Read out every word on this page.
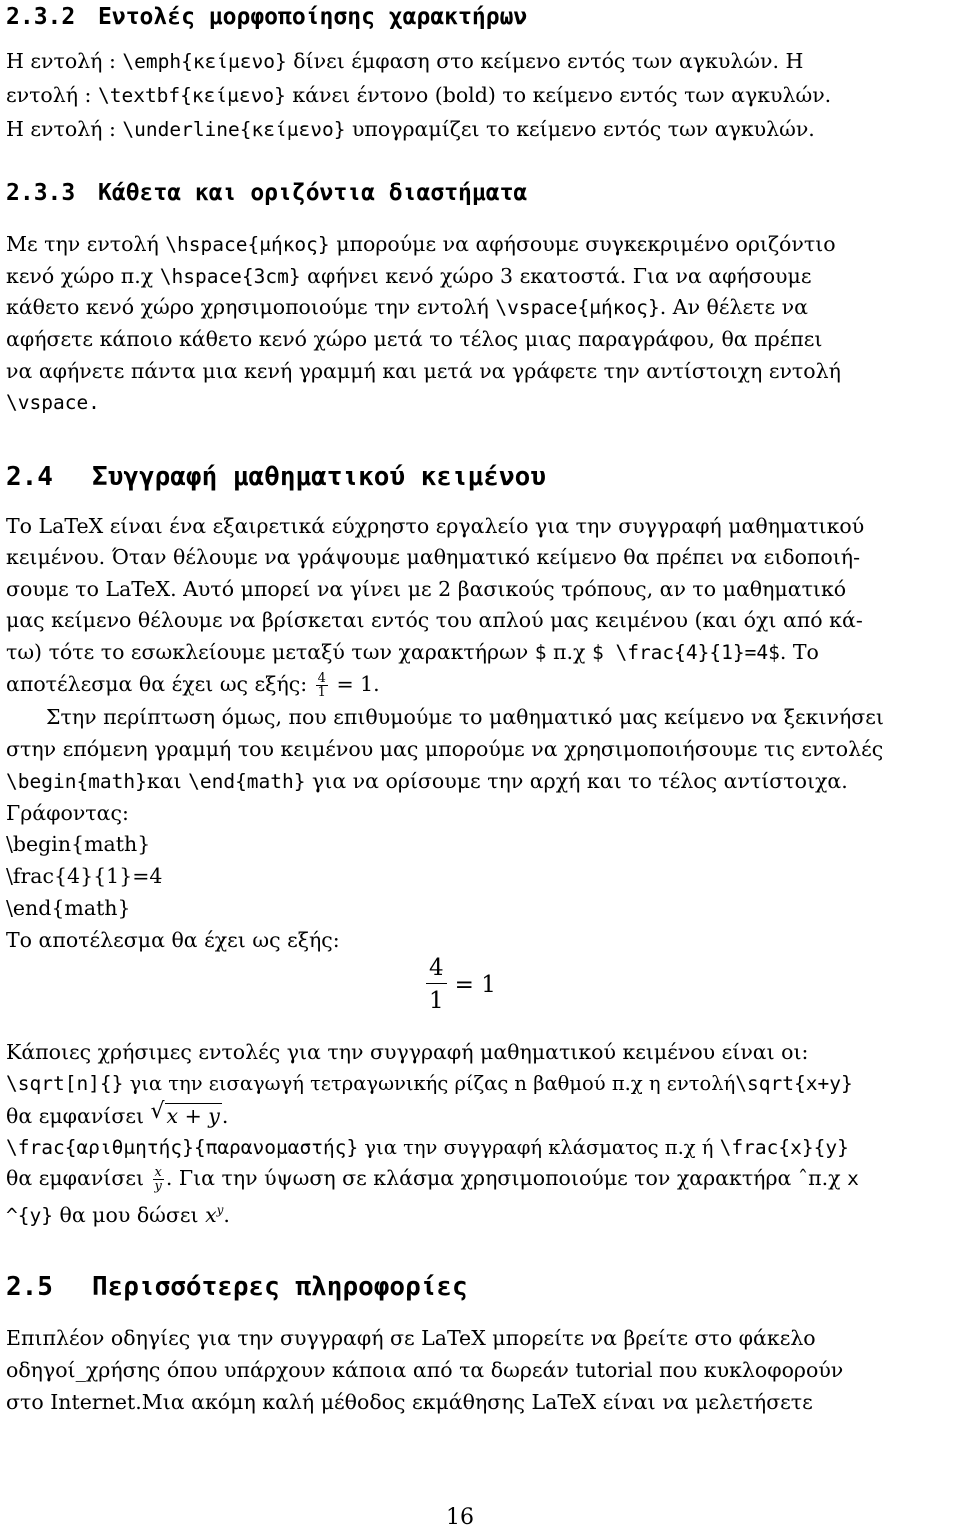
2.3.2 Εντολές μορφοποίησης χαρακτήρων
Η εντολή : \emph{κείμενο} δίνει έμφαση στο κείμενο εντός των αγκυλών. Η
εντολή : \textbf{κείμενο} κάνει έντονο (bold) το κείμενο εντός των αγκυλών.
Η εντολή : \underline{κείμενο} υπογραμίζει το κείμενο εντός των αγκυλών.
2.3.3 Κάθετα και οριζόντια διαστήματα
Με την εντολή \hspace{μήκος} μπορούμε να αφήσουμε συγκεκριμένο οριζόντιο
κενό χώρο π.χ \hspace{3cm} αφήνει κενό χώρο 3 εκατοστά. Για να αφήσουμε
κάθετο κενό χώρο χρησιμοποιούμε την εντολή \vspace{μήκος}. Αν θέλετε να
αφήσετε κάποιο κάθετο κενό χώρο μετά το τέλος μιας παραγράφου, θα πρέπει
να αφήνετε πάντα μια κενή γραμμή και μετά να γράφετε την αντίστοιχη εντολή
\vspace.
2.4 Συγγραφή μαθηματικού κειμένου
Το LaTeX είναι ένα εξαιρετικά εύχρηστο εργαλείο για την συγγραφή μαθηματικού
κειμένου. Όταν θέλουμε να γράψουμε μαθηματικό κείμενο θα πρέπει να ειδοποιή-
σουμε το LaTeX. Αυτό μπορεί να γίνει με 2 βασικούς τρόπους, αν το μαθηματικό
μας κείμενο θέλουμε να βρίσκεται εντός του απλού μας κειμένου (και όχι από κά-
τω) τότε το εσωκλείουμε μεταξύ των χαρακτήρων $ π.χ $ \frac{4}{1}=4$. Το
αποτέλεσμα θα έχει ως εξής: $\frac{4}{1} = 1$.
Στην περίπτωση όμως, που επιθυμούμε το μαθηματικό μας κείμενο να ξεκινήσει
στην επόμενη γραμμή του κειμένου μας μπορούμε να χρησιμοποιήσουμε τις εντολές
\begin{math}και \end{math} για να ορίσουμε την αρχή και το τέλος αντίστοιχα.
Γράφοντας:
\begin{math}
\frac{4}{1}=4
\end{math}
Το αποτέλεσμα θα έχει ως εξής:
$\frac{4}{1} = 1$
Κάποιες χρήσιμες εντολές για την συγγραφή μαθηματικού κειμένου είναι οι:
\sqrt[n]{} για την εισαγωγή τετραγωνικής ρίζας n βαθμού π.χ η εντολή\sqrt{x+y}
θα εμφανίσει √ x + y.
\frac{αριθμητής}{παρανομαστής} για την συγγραφή κλάσματος π.χ ή \frac{x}{y}
θα εμφανίσει $\frac{x}{y}$ . Για την ύψωση σε κλάσμα χρησιμοποιούμε τον χαρακτήρα ˆπ.χ x
^{y} θα μου δώσει $x^y$.
2.5 Περισσότερες πληροφορίες
Επιπλέον οδηγίες για την συγγραφή σε LaTeX μπορείτε να βρείτε στο φάκελο
οδηγοί_χρήσης όπου υπάρχουν κάποια από τα δωρεάν tutorial που κυκλοφορούν
στο Internet.Μια ακόμη καλή μέθοδος εκμάθησης LaTeX είναι να μελετήσετε
16
